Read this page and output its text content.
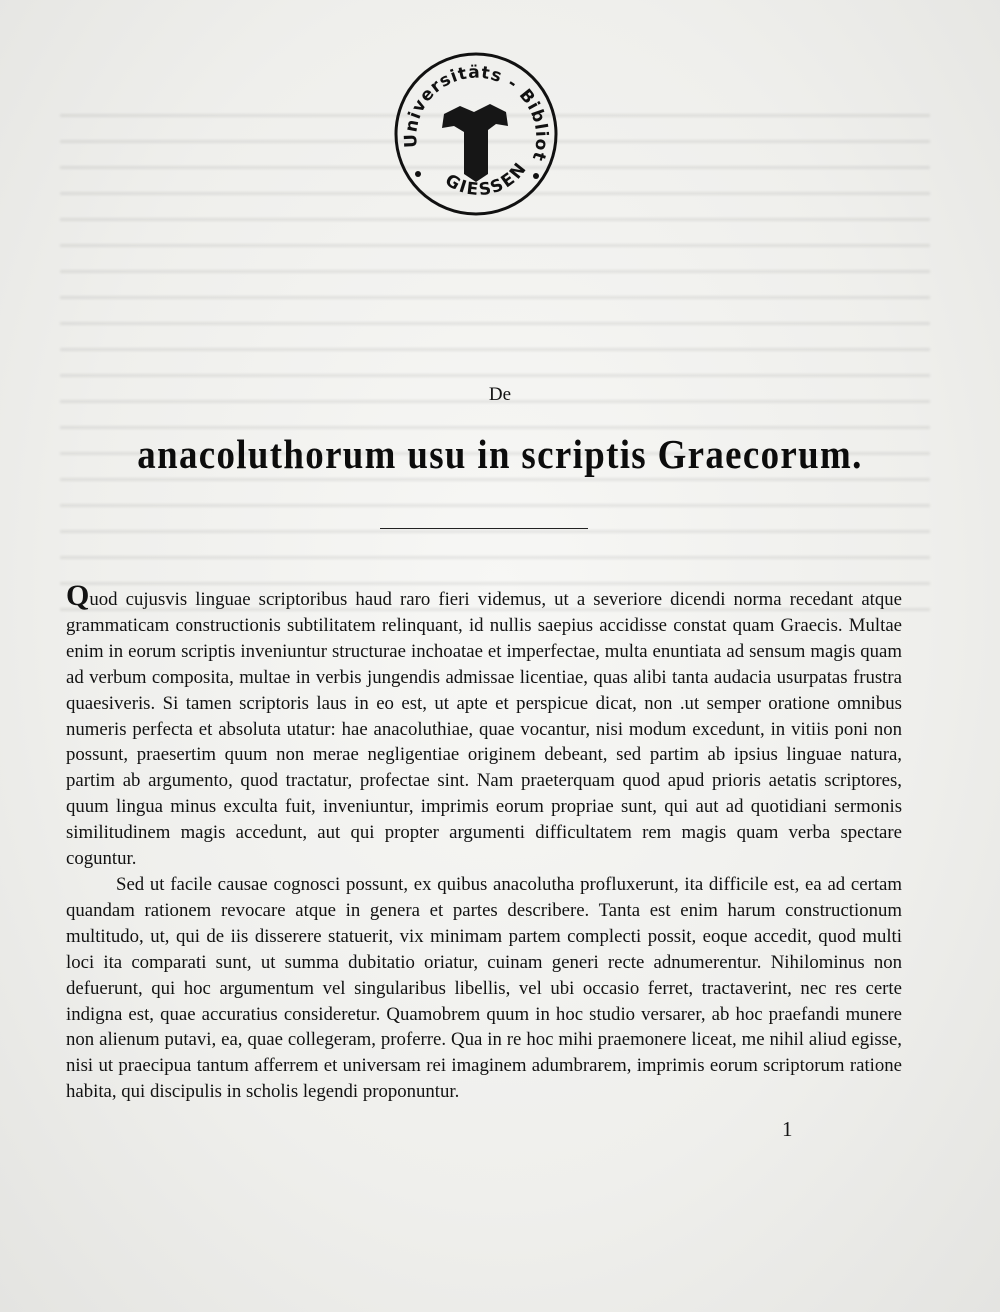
Universitäts - Bibliot
GIESSEN
De
anacoluthorum usu in scriptis Graecorum.

Quod cujusvis linguae scriptoribus haud raro fieri videmus, ut a severiore dicendi norma recedant atque grammaticam constructionis subtilitatem relinquant, id nullis saepius accidisse constat quam Graecis. Multae enim in eorum scriptis inveniuntur structurae inchoatae et imperfectae, multa enuntiata ad sensum magis quam ad verbum composita, multae in verbis jungendis admissae licentiae, quas alibi tanta audacia usurpatas frustra quaesiveris. Si tamen scriptoris laus in eo est, ut apte et perspicue dicat, non .ut semper oratione omnibus numeris perfecta et absoluta utatur: hae anacoluthiae, quae vocantur, nisi modum excedunt, in vitiis poni non possunt, praesertim quum non merae negligentiae originem debeant, sed partim ab ipsius linguae natura, partim ab argumento, quod tractatur, profectae sint. Nam praeterquam quod apud prioris aetatis scriptores, quum lingua minus exculta fuit, inveniuntur, imprimis eorum propriae sunt, qui aut ad quotidiani sermonis similitudinem magis accedunt, aut qui propter argumenti difficultatem rem magis quam verba spectare coguntur.

Sed ut facile causae cognosci possunt, ex quibus anacolutha profluxerunt, ita difficile est, ea ad certam quandam rationem revocare atque in genera et partes describere. Tanta est enim harum constructionum multitudo, ut, qui de iis disserere statuerit, vix minimam partem complecti possit, eoque accedit, quod multi loci ita comparati sunt, ut summa dubitatio oriatur, cuinam generi recte adnumerentur. Nihilominus non defuerunt, qui hoc argumentum vel singularibus libellis, vel ubi occasio ferret, tractaverint, nec res certe indigna est, quae accuratius consideretur. Quamobrem quum in hoc studio versarer, ab hoc praefandi munere non alienum putavi, ea, quae collegeram, proferre. Qua in re hoc mihi praemonere liceat, me nihil aliud egisse, nisi ut praecipua tantum afferrem et universam rei imaginem adumbrarem, imprimis eorum scriptorum ratione habita, qui discipulis in scholis legendi proponuntur.

1
